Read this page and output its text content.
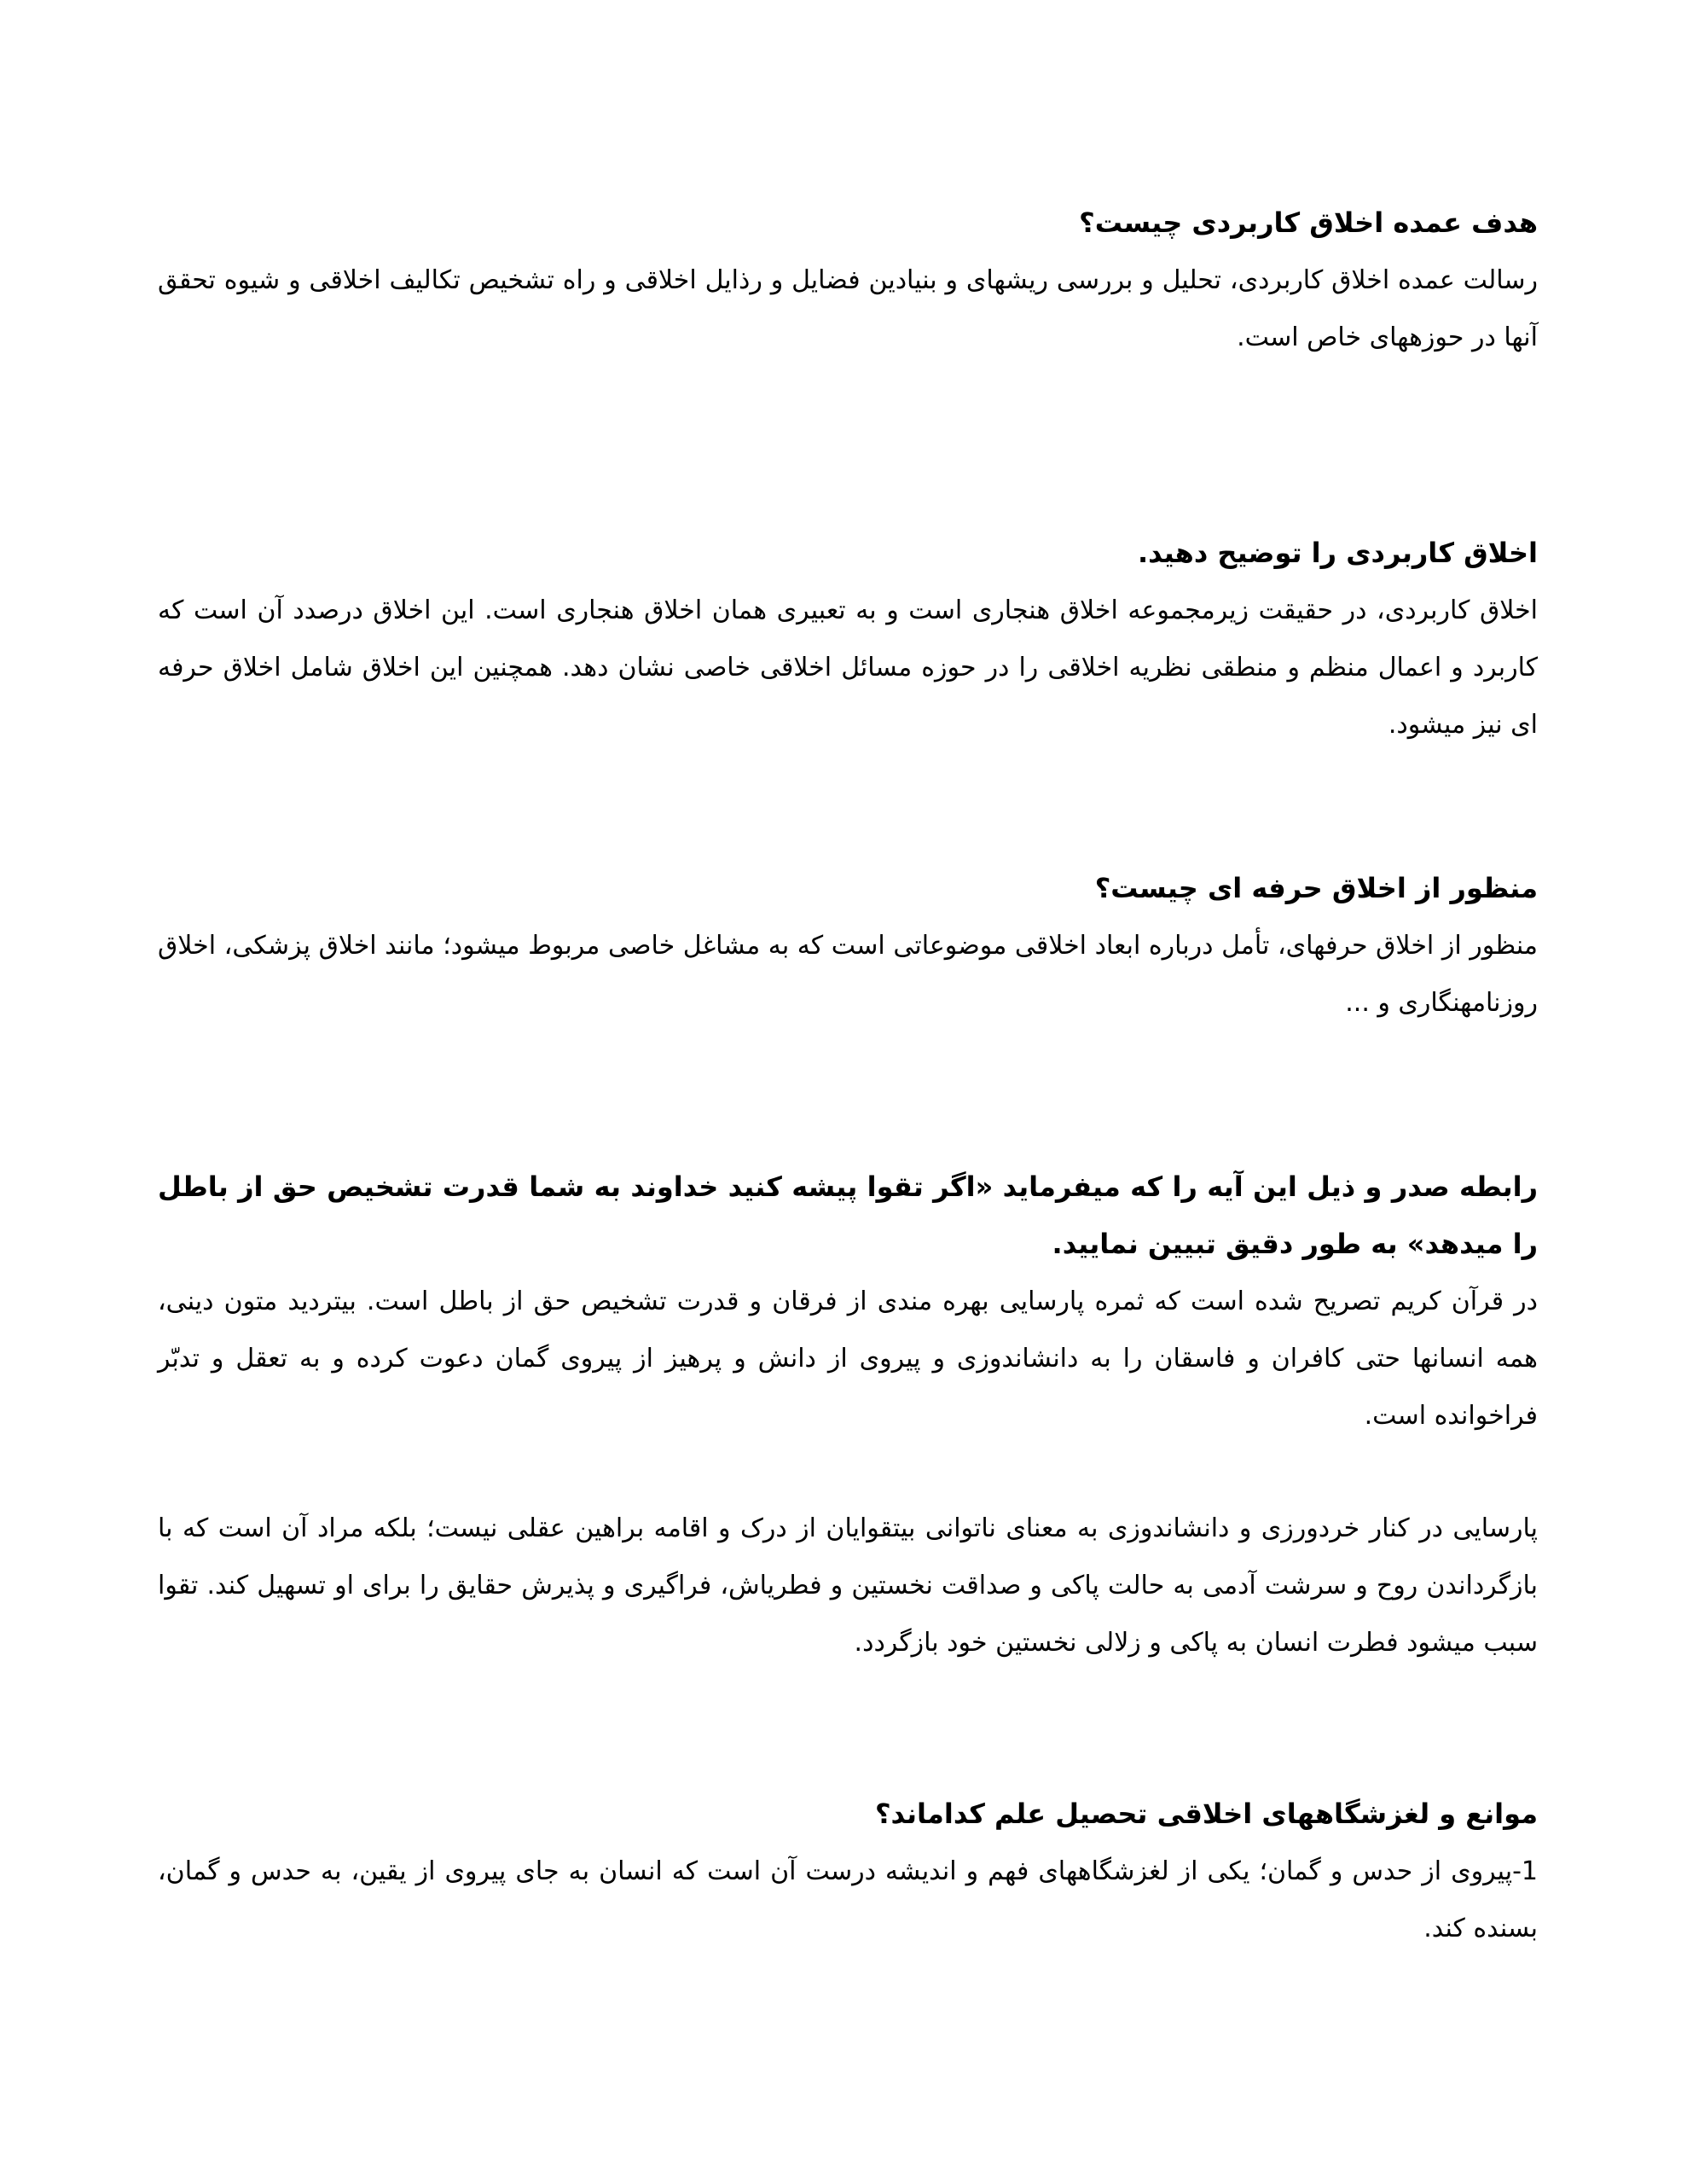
هدف عمده اخلاق کاربردی چیست؟

رسالت عمده اخلاق کاربردی، تحلیل و بررسی ریشهای و بنیادین فضایل و رذایل اخلاقی و راه تشخیص تکالیف اخلاقی و شیوه تحقق آنها در حوزههای خاص است.

اخلاق کاربردی را توضیح دهید.

اخلاق کاربردی، در حقیقت زیرمجموعه اخلاق هنجاری است و به تعبیری همان اخلاق هنجاری است. این اخلاق درصدد آن است که کاربرد و اعمال منظم و منطقی نظریه اخلاقی را در حوزه مسائل اخلاقی خاصی نشان دهد. همچنین این اخلاق شامل اخلاق حرفه ای نیز میشود.

منظور از اخلاق حرفه ای چیست؟

منظور از اخلاق حرفهای، تأمل درباره ابعاد اخلاقی موضوعاتی است که به مشاغل خاصی مربوط میشود؛ مانند اخلاق پزشکی، اخلاق روزنامهنگاری و ...

رابطه صدر و ذیل این آیه را که میفرماید «اگر تقوا پیشه کنید خداوند به شما قدرت تشخیص حق از باطل را میدهد» به طور دقیق تبیین نمایید.

در قرآن کریم تصریح شده است که ثمره پارسایی بهره مندی از فرقان و قدرت تشخیص حق از باطل است. بیتردید متون دینی، همه انسانها حتی کافران و فاسقان را به دانشاندوزی و پیروی از دانش و پرهیز از پیروی گمان دعوت کرده و به تعقل و تدبّر فراخوانده است.

پارسایی در کنار خردورزی و دانشاندوزی به معنای ناتوانی بیتقوایان از درک و اقامه براهین عقلی نیست؛ بلکه مراد آن است که با بازگرداندن روح و سرشت آدمی به حالت پاکی و صداقت نخستین و فطریاش، فراگیری و پذیرش حقایق را برای او تسهیل کند. تقوا سبب میشود فطرت انسان به پاکی و زلالی نخستین خود بازگردد.

موانع و لغزشگاههای اخلاقی تحصیل علم کداماند؟

1-پیروی از حدس و گمان؛ یکی از لغزشگاههای فهم و اندیشه درست آن است که انسان به جای پیروی از یقین، به حدس و گمان، بسنده کند.
